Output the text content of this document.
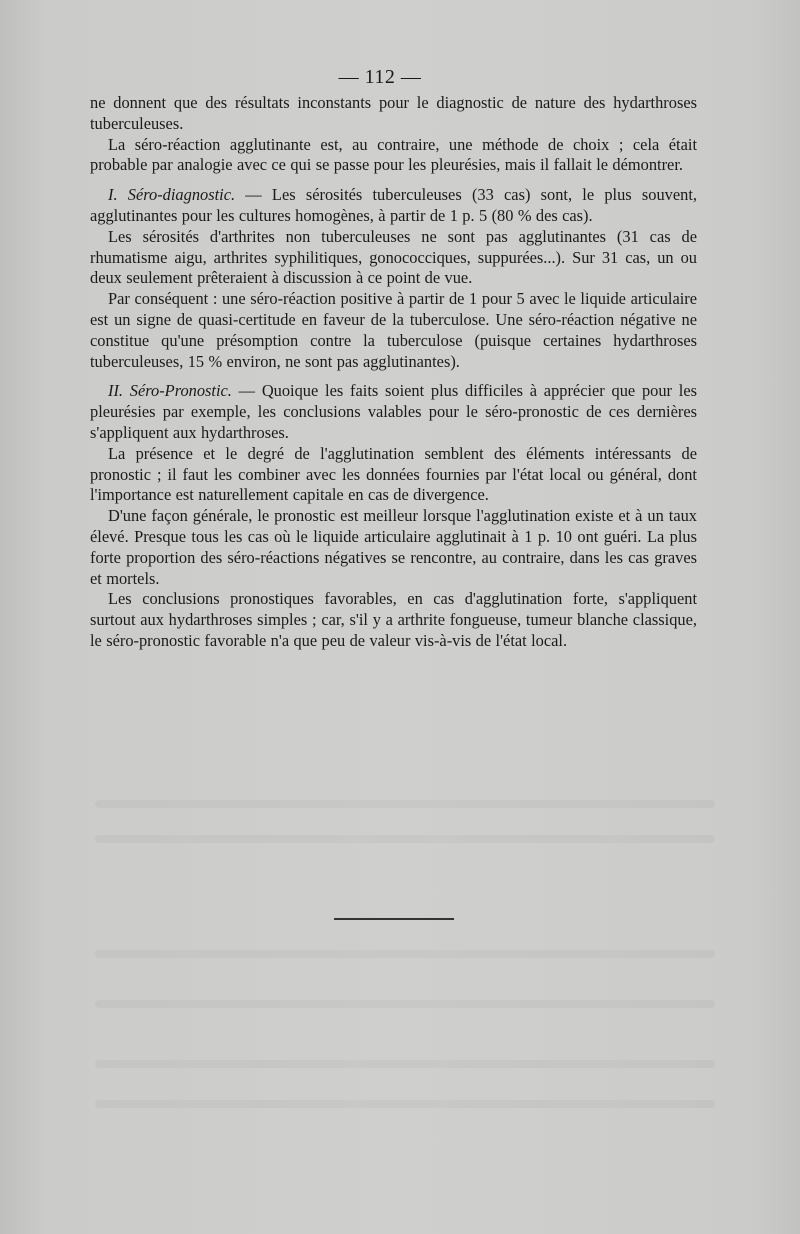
— 112 —

ne donnent que des résultats inconstants pour le diagnostic de nature des hydarthroses tuberculeuses.

La séro-réaction agglutinante est, au contraire, une méthode de choix ; cela était probable par analogie avec ce qui se passe pour les pleurésies, mais il fallait le démontrer.

I. Séro-diagnostic. — Les sérosités tuberculeuses (33 cas) sont, le plus souvent, agglutinantes pour les cultures homogènes, à partir de 1 p. 5 (80 % des cas).

Les sérosités d'arthrites non tuberculeuses ne sont pas agglutinantes (31 cas de rhumatisme aigu, arthrites syphilitiques, gonococciques, suppurées...). Sur 31 cas, un ou deux seulement prêteraient à discussion à ce point de vue.

Par conséquent : une séro-réaction positive à partir de 1 pour 5 avec le liquide articulaire est un signe de quasi-certitude en faveur de la tuberculose. Une séro-réaction négative ne constitue qu'une présomption contre la tuberculose (puisque certaines hydarthroses tuberculeuses, 15 % environ, ne sont pas agglutinantes).

II. Séro-Pronostic. — Quoique les faits soient plus difficiles à apprécier que pour les pleurésies par exemple, les conclusions valables pour le séro-pronostic de ces dernières s'appliquent aux hydarthroses.

La présence et le degré de l'agglutination semblent des éléments intéressants de pronostic ; il faut les combiner avec les données fournies par l'état local ou général, dont l'importance est naturellement capitale en cas de divergence.

D'une façon générale, le pronostic est meilleur lorsque l'agglutination existe et à un taux élevé. Presque tous les cas où le liquide articulaire agglutinait à 1 p. 10 ont guéri. La plus forte proportion des séro-réactions négatives se rencontre, au contraire, dans les cas graves et mortels.

Les conclusions pronostiques favorables, en cas d'agglutination forte, s'appliquent surtout aux hydarthroses simples ; car, s'il y a arthrite fongueuse, tumeur blanche classique, le séro-pronostic favorable n'a que peu de valeur vis-à-vis de l'état local.
